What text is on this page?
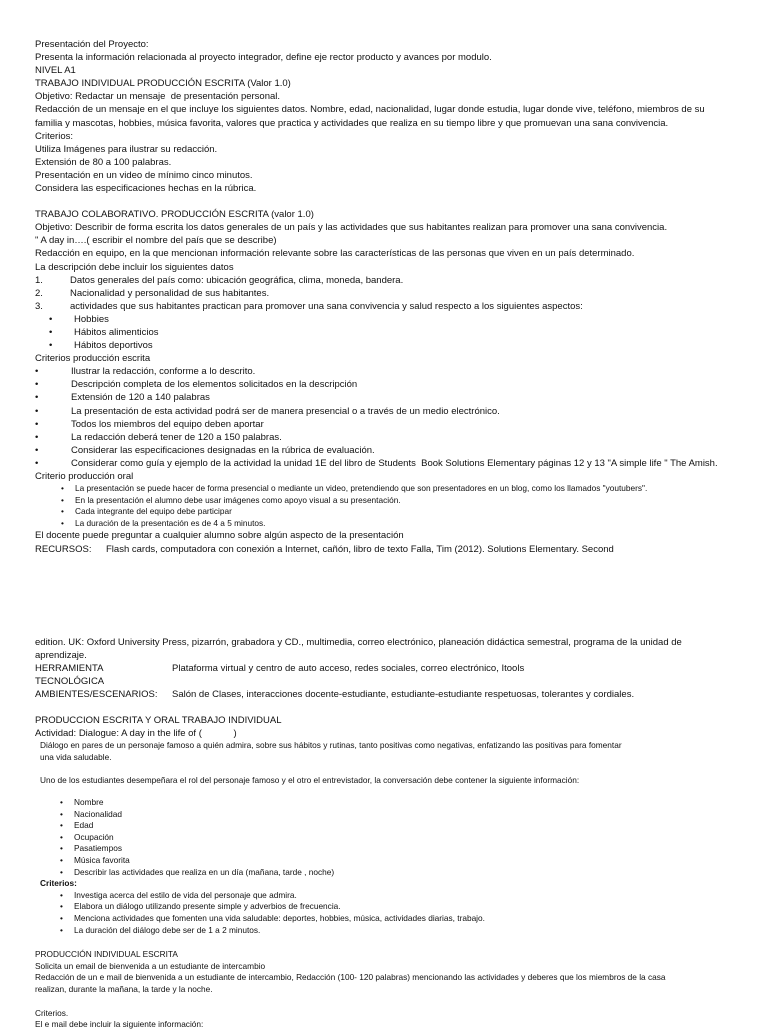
Presentación del Proyecto:
Presenta la información relacionada al proyecto integrador, define eje rector producto y avances por modulo.
NIVEL A1
TRABAJO INDIVIDUAL PRODUCCIÓN ESCRITA (Valor 1.0)
Objetivo: Redactar un mensaje  de presentación personal.
Redacción de un mensaje en el que incluye los siguientes datos. Nombre, edad, nacionalidad, lugar donde estudia, lugar donde vive, teléfono, miembros de su
familia y mascotas, hobbies, música favorita, valores que practica y actividades que realiza en su tiempo libre y que promuevan una sana convivencia.
Criterios:
Utiliza Imágenes para ilustrar su redacción.
Extensión de 80 a 100 palabras.
Presentación en un video de mínimo cinco minutos.
Considera las especificaciones hechas en la rúbrica.
TRABAJO COLABORATIVO. PRODUCCIÓN ESCRITA (valor 1.0)
Objetivo: Describir de forma escrita los datos generales de un país y las actividades que sus habitantes realizan para promover una sana convivencia.
" A day in….( escribir el nombre del país que se describe)
Redacción en equipo, en la que mencionan información relevante sobre las características de las personas que viven en un país determinado.
La descripción debe incluir los siguientes datos
1.	Datos generales del país como: ubicación geográfica, clima, moneda, bandera.
2.	Nacionalidad y personalidad de sus habitantes.
3.	actividades que sus habitantes practican para promover una sana convivencia y salud respecto a los siguientes aspectos:
•	Hobbies
•	Hábitos alimenticios
•	Hábitos deportivos
Criterios producción escrita
•	Ilustrar la redacción, conforme a lo descrito.
•	Descripción completa de los elementos solicitados en la descripción
•	Extensión de 120 a 140 palabras
•	La presentación de esta actividad podrá ser de manera presencial o a través de un medio electrónico.
•	Todos los miembros del equipo deben aportar
•	La redacción deberá tener de 120 a 150 palabras.
•	Considerar las especificaciones designadas en la rúbrica de evaluación.
•	Considerar como guía y ejemplo de la actividad la unidad 1E del libro de Students  Book Solutions Elementary páginas 12 y 13 "A simple life " The Amish.
Criterio producción oral
•	La presentación se puede hacer de forma presencial o mediante un video, pretendiendo que son presentadores en un blog, como los llamados "youtubers".
•	En la presentación el alumno debe usar imágenes como apoyo visual a su presentación.
•	Cada integrante del equipo debe participar
•	La duración de la presentación es de 4 a 5 minutos.
El docente puede preguntar a cualquier alumno sobre algún aspecto de la presentación
RECURSOS:	Flash cards, computadora con conexión a Internet, cañón, libro de texto Falla, Tim (2012). Solutions Elementary. Second
edition. UK: Oxford University Press, pizarrón, grabadora y CD., multimedia, correo electrónico, planeación didáctica semestral, programa de la unidad de
aprendizaje.
HERRAMIENTA TECNOLÓGICA
Plataforma virtual y centro de auto acceso, redes sociales, correo electrónico, Itools
AMBIENTES/ESCENARIOS:	Salón de Clases, interacciones docente-estudiante, estudiante-estudiante respetuosas, tolerantes y cordiales.
PRODUCCION ESCRITA Y ORAL TRABAJO INDIVIDUAL
Actividad: Dialogue: A day in the life of (            )
Diálogo en pares de un personaje famoso a quién admira, sobre sus hábitos y rutinas, tanto positivas como negativas, enfatizando las positivas para fomentar
una vida saludable.
Uno de los estudiantes desempeñara el rol del personaje famoso y el otro el entrevistador, la conversación debe contener la siguiente información:
•	Nombre
•	Nacionalidad
•	Edad
•	Ocupación
•	Pasatiempos
•	Música favorita
•	Describir las actividades que realiza en un día (mañana, tarde , noche)
Criterios:
•	Investiga acerca del estilo de vida del personaje que admira.
•	Elabora un diálogo utilizando presente simple y adverbios de frecuencia.
•	Menciona actividades que fomenten una vida saludable: deportes, hobbies, música, actividades diarias, trabajo.
•	La duración del diálogo debe ser de 1 a 2 minutos.
PRODUCCIÓN INDIVIDUAL ESCRITA
Solicita un email de bienvenida a un estudiante de intercambio
Redacción de un e mail de bienvenida a un estudiante de intercambio, Redacción (100- 120 palabras) mencionando las actividades y deberes que los miembros de la casa
realizan, durante la mañana, la tarde y la noche.
Criterios.
El e mail debe incluir la siguiente información:
